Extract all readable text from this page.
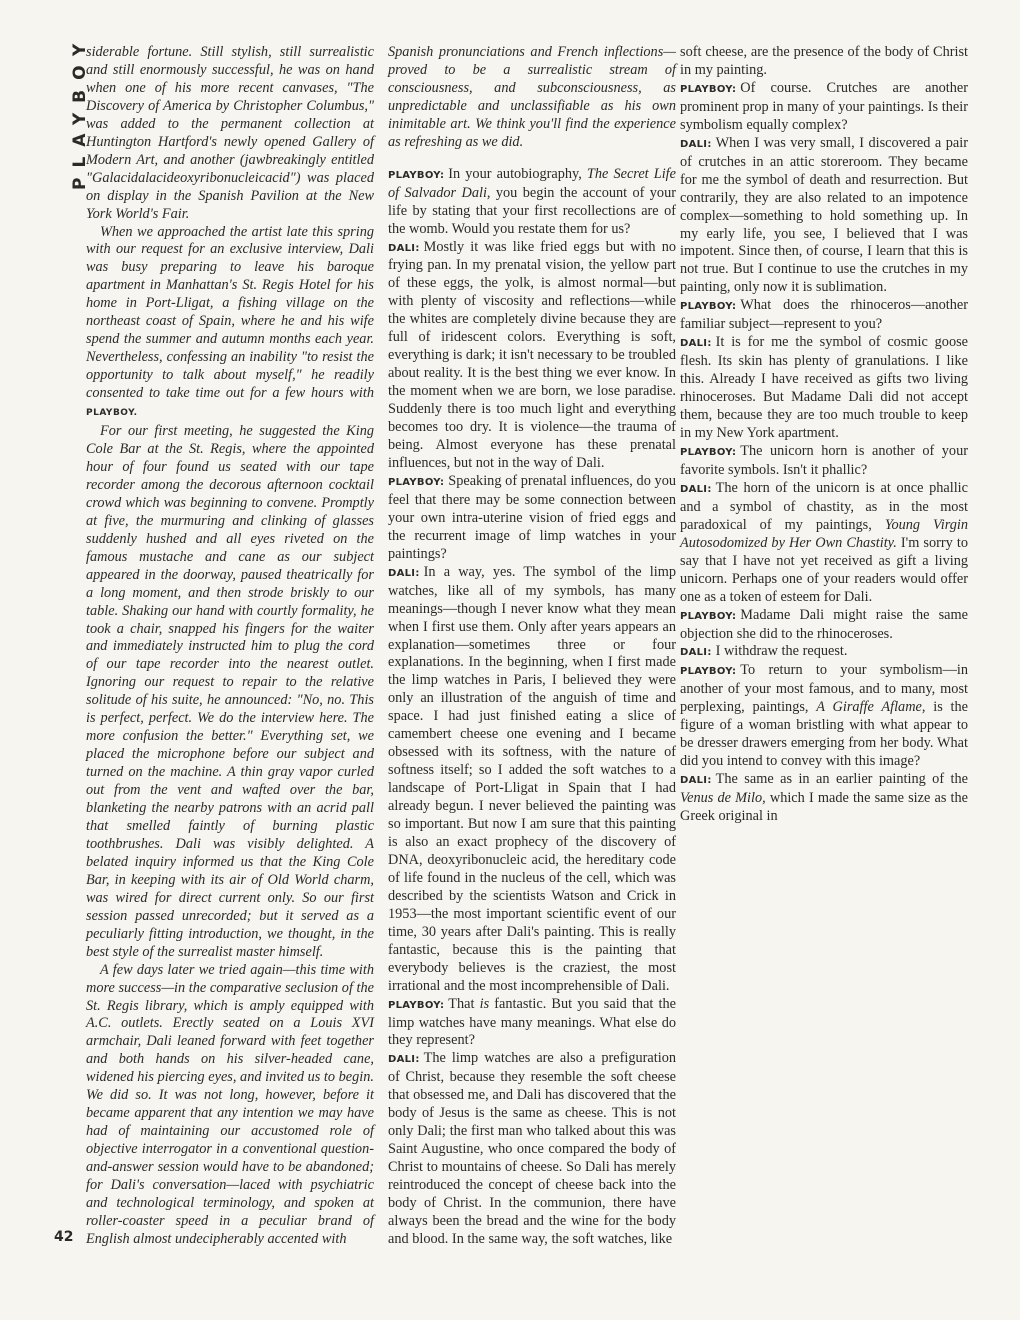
PLAYBOY
42

siderable fortune. Still stylish, still surrealistic and still enormously successful, he was on hand when one of his more recent canvases, "The Discovery of America by Christopher Columbus," was added to the permanent collection at Huntington Hartford's newly opened Gallery of Modern Art, and another (jawbreakingly entitled "Galacidalacideoxyribonucleicacid") was placed on display in the Spanish Pavilion at the New York World's Fair.

When we approached the artist late this spring with our request for an exclusive interview, Dali was busy preparing to leave his baroque apartment in Manhattan's St. Regis Hotel for his home in Port-Lligat, a fishing village on the northeast coast of Spain, where he and his wife spend the summer and autumn months each year. Nevertheless, confessing an inability "to resist the opportunity to talk about myself," he readily consented to take time out for a few hours with PLAYBOY.

For our first meeting, he suggested the King Cole Bar at the St. Regis, where the appointed hour of four found us seated with our tape recorder among the decorous afternoon cocktail crowd which was beginning to convene. Promptly at five, the murmuring and clinking of glasses suddenly hushed and all eyes riveted on the famous mustache and cane as our subject appeared in the doorway, paused theatrically for a long moment, and then strode briskly to our table. Shaking our hand with courtly formality, he took a chair, snapped his fingers for the waiter and immediately instructed him to plug the cord of our tape recorder into the nearest outlet. Ignoring our request to repair to the relative solitude of his suite, he announced: "No, no. This is perfect, perfect. We do the interview here. The more confusion the better." Everything set, we placed the microphone before our subject and turned on the machine. A thin gray vapor curled out from the vent and wafted over the bar, blanketing the nearby patrons with an acrid pall that smelled faintly of burning plastic toothbrushes. Dali was visibly delighted. A belated inquiry informed us that the King Cole Bar, in keeping with its air of Old World charm, was wired for direct current only. So our first session passed unrecorded; but it served as a peculiarly fitting introduction, we thought, in the best style of the surrealist master himself.

A few days later we tried again—this time with more success—in the comparative seclusion of the St. Regis library, which is amply equipped with A.C. outlets. Erectly seated on a Louis XVI armchair, Dali leaned forward with feet together and both hands on his silver-headed cane, widened his piercing eyes, and invited us to begin. We did so. It was not long, however, before it became apparent that any intention we may have had of maintaining our accustomed role of objective interrogator in a conventional question-and-answer session would have to be abandoned; for Dali's conversation—laced with psychiatric and technological terminology, and spoken at roller-coaster speed in a peculiar brand of English almost undecipherably accented with

Spanish pronunciations and French inflections—proved to be a surrealistic stream of consciousness, and subconsciousness, as unpredictable and unclassifiable as his own inimitable art. We think you'll find the experience as refreshing as we did.

PLAYBOY: In your autobiography, The Secret Life of Salvador Dali, you begin the account of your life by stating that your first recollections are of the womb. Would you restate them for us?

DALI: Mostly it was like fried eggs but with no frying pan. In my prenatal vision, the yellow part of these eggs, the yolk, is almost normal—but with plenty of viscosity and reflections—while the whites are completely divine because they are full of iridescent colors. Everything is soft, everything is dark; it isn't necessary to be troubled about reality. It is the best thing we ever know. In the moment when we are born, we lose paradise. Suddenly there is too much light and everything becomes too dry. It is violence—the trauma of being. Almost everyone has these prenatal influences, but not in the way of Dali.

PLAYBOY: Speaking of prenatal influences, do you feel that there may be some connection between your own intra-uterine vision of fried eggs and the recurrent image of limp watches in your paintings?

DALI: In a way, yes. The symbol of the limp watches, like all of my symbols, has many meanings—though I never know what they mean when I first use them. Only after years appears an explanation—sometimes three or four explanations. In the beginning, when I first made the limp watches in Paris, I believed they were only an illustration of the anguish of time and space. I had just finished eating a slice of camembert cheese one evening and I became obsessed with its softness, with the nature of softness itself; so I added the soft watches to a landscape of Port-Lligat in Spain that I had already begun. I never believed the painting was so important. But now I am sure that this painting is also an exact prophecy of the discovery of DNA, deoxyribonucleic acid, the hereditary code of life found in the nucleus of the cell, which was described by the scientists Watson and Crick in 1953—the most important scientific event of our time, 30 years after Dali's painting. This is really fantastic, because this is the painting that everybody believes is the craziest, the most irrational and the most incomprehensible of Dali.

PLAYBOY: That is fantastic. But you said that the limp watches have many meanings. What else do they represent?

DALI: The limp watches are also a prefiguration of Christ, because they resemble the soft cheese that obsessed me, and Dali has discovered that the body of Jesus is the same as cheese. This is not only Dali; the first man who talked about this was Saint Augustine, who once compared the body of Christ to mountains of cheese. So Dali has merely reintroduced the concept of cheese back into the body of Christ. In the communion, there have always been the bread and the wine for the body and blood. In the same way, the soft watches, like

soft cheese, are the presence of the body of Christ in my painting.

PLAYBOY: Of course. Crutches are another prominent prop in many of your paintings. Is their symbolism equally complex?

DALI: When I was very small, I discovered a pair of crutches in an attic storeroom. They became for me the symbol of death and resurrection. But contrarily, they are also related to an impotence complex—something to hold something up. In my early life, you see, I believed that I was impotent. Since then, of course, I learn that this is not true. But I continue to use the crutches in my painting, only now it is sublimation.

PLAYBOY: What does the rhinoceros—another familiar subject—represent to you?

DALI: It is for me the symbol of cosmic goose flesh. Its skin has plenty of granulations. I like this. Already I have received as gifts two living rhinoceroses. But Madame Dali did not accept them, because they are too much trouble to keep in my New York apartment.

PLAYBOY: The unicorn horn is another of your favorite symbols. Isn't it phallic?

DALI: The horn of the unicorn is at once phallic and a symbol of chastity, as in the most paradoxical of my paintings, Young Virgin Autosodomized by Her Own Chastity. I'm sorry to say that I have not yet received as gift a living unicorn. Perhaps one of your readers would offer one as a token of esteem for Dali.

PLAYBOY: Madame Dali might raise the same objection she did to the rhinoceroses.

DALI: I withdraw the request.

PLAYBOY: To return to your symbolism—in another of your most famous, and to many, most perplexing, paintings, A Giraffe Aflame, is the figure of a woman bristling with what appear to be dresser drawers emerging from her body. What did you intend to convey with this image?

DALI: The same as in an earlier painting of the Venus de Milo, which I made the same size as the Greek original in
